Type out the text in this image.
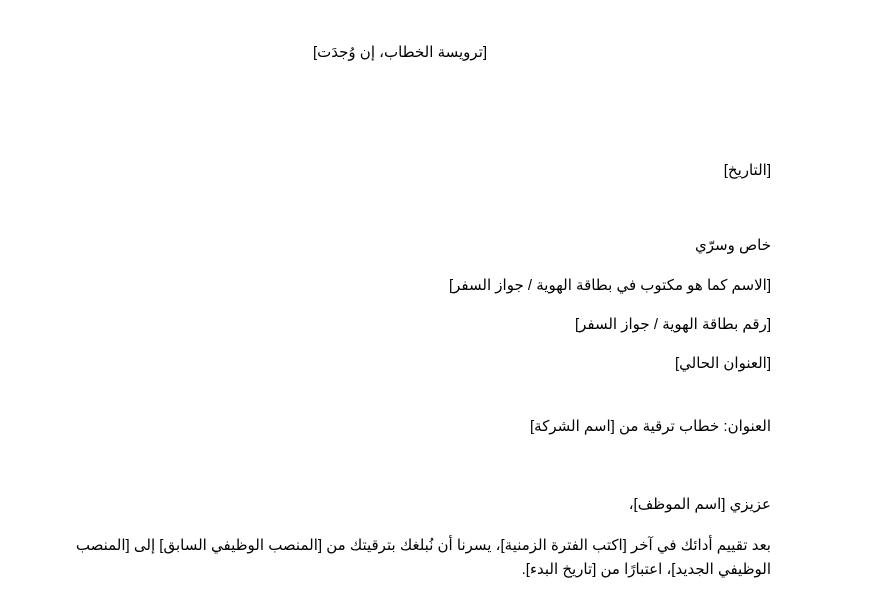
[ترويسة الخطاب، إن وُجدَت]
[التاريخ]
خاص وسرّي
[الاسم كما هو مكتوب في بطاقة الهوية / جواز السفر]
[رقم بطاقة الهوية / جواز السفر]
[العنوان الحالي]
العنوان: خطاب ترقية من [اسم الشركة]
عزيزي [اسم الموظف]،
بعد تقييم أدائك في آخر [اكتب الفترة الزمنية]، يسرنا أن نُبلغك بترقيتك من [المنصب الوظيفي السابق] إلى [المنصب الوظيفي الجديد]، اعتبارًا من [تاريخ البدء].
